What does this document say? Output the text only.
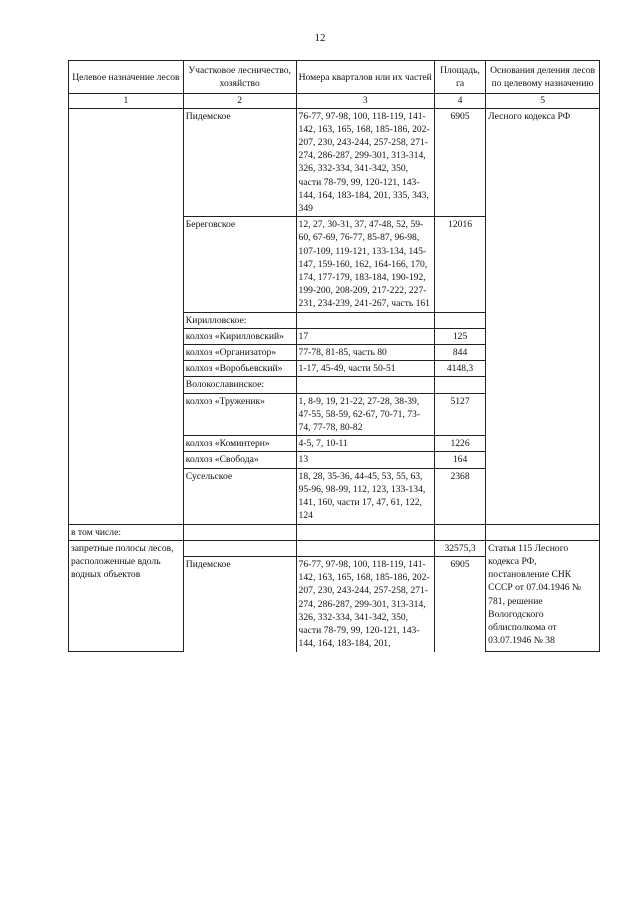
12
Целевое назначение лесов	Участковое лесничество, хозяйство	Номера кварталов или их частей	Площадь, га	Основания деления лесов по целевому назначению
1	2	3	4	5
	Пидемское	76-77, 97-98, 100, 118-119, 141-142, 163, 165, 168, 185-186, 202-207, 230, 243-244, 257-258, 271-274, 286-287, 299-301, 313-314, 326, 332-334, 341-342, 350, части 78-79, 99, 120-121, 143-144, 164, 183-184, 201, 335, 343, 349	6905	Лесного кодекса РФ
	Береговское	12, 27, 30-31, 37, 47-48, 52, 59-60, 67-69, 76-77, 85-87, 96-98, 107-109, 119-121, 133-134, 145-147, 159-160, 162, 164-166, 170, 174, 177-179, 183-184, 190-192, 199-200, 208-209, 217-222, 227-231, 234-239, 241-267, часть 161	12016	
	Кирилловское:			
	колхоз «Кирилловский»	17	125	
	колхоз «Организатор»	77-78, 81-85, часть 80	844	
	колхоз «Воробьевский»	1-17, 45-49, части 50-51	4148,3	
	Волокославинское:			
	колхоз «Труженик»	1, 8-9, 19, 21-22, 27-28, 38-39, 47-55, 58-59, 62-67, 70-71, 73-74, 77-78, 80-82	5127	
	колхоз «Коминтерн»	4-5, 7, 10-11	1226	
	колхоз «Свобода»	13	164	
	Сусельское	18, 28, 35-36, 44-45, 53, 55, 63, 95-96, 98-99, 112, 123, 133-134, 141, 160, части 17, 47, 61, 122, 124	2368	
в том числе:				
запретные полосы лесов, расположенные вдоль водных объектов			32575,3	Статья 115 Лесного кодекса РФ, постановление СНК СССР от 07.04.1946 № 781, решение Вологодского облисполкома от 03.07.1946 № 38
	Пидемское	76-77, 97-98, 100, 118-119, 141-142, 163, 165, 168, 185-186, 202-207, 230, 243-244, 257-258, 271-274, 286-287, 299-301, 313-314, 326, 332-334, 341-342, 350, части 78-79, 99, 120-121, 143-144, 164, 183-184, 201,	6905	
